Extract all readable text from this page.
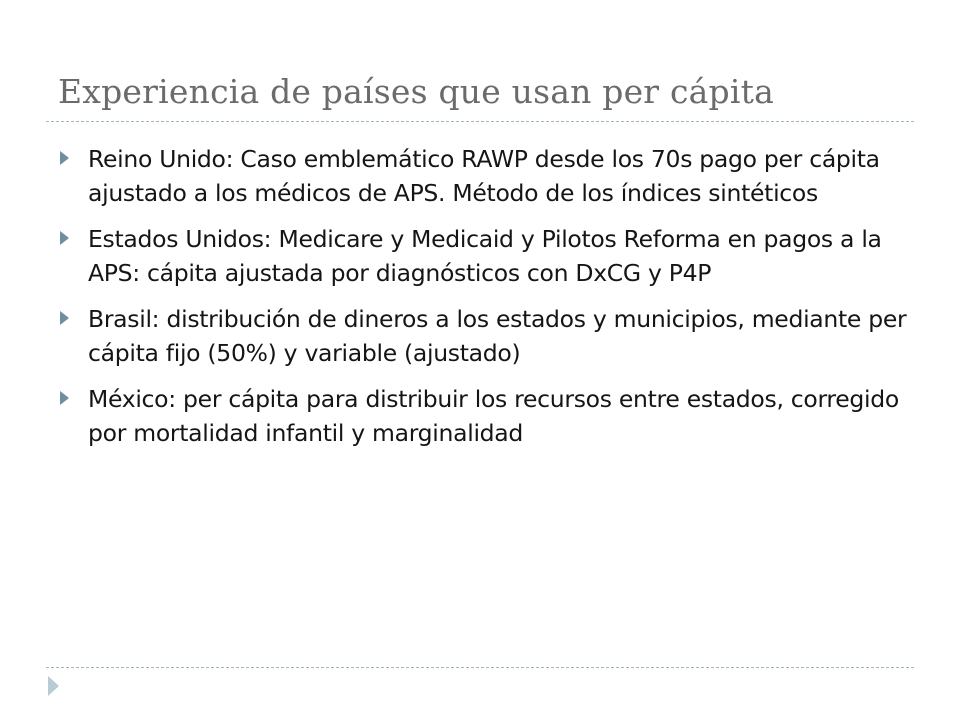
Experiencia de países que usan per cápita
Reino Unido: Caso emblemático RAWP desde los 70s pago per cápita ajustado a los médicos de APS. Método de los índices sintéticos
Estados Unidos: Medicare y Medicaid y Pilotos Reforma en pagos a la APS: cápita ajustada por diagnósticos con DxCG y P4P
Brasil: distribución de dineros a los estados y municipios, mediante per cápita fijo (50%) y variable (ajustado)
México: per cápita para distribuir los recursos entre estados, corregido por mortalidad infantil y marginalidad
